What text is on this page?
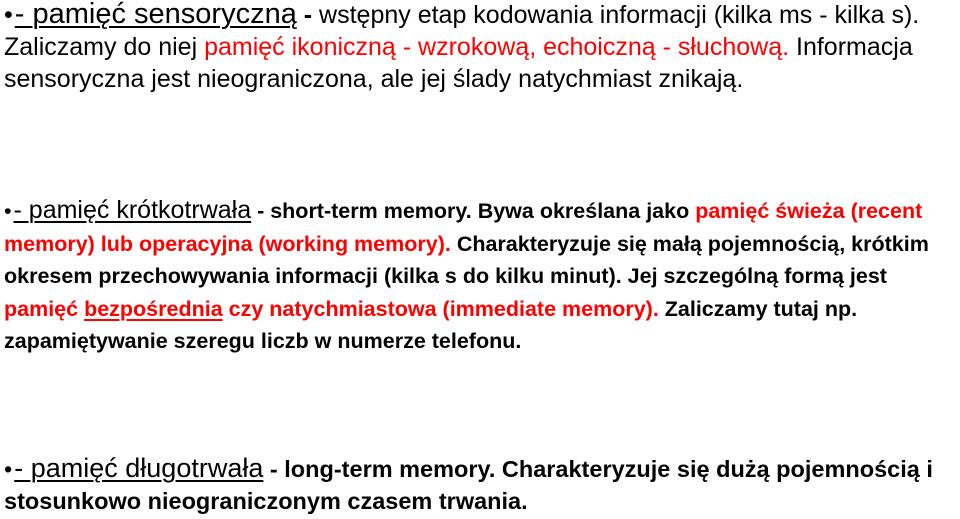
•- pamięć sensoryczną - wstępny etap kodowania informacji (kilka ms - kilka s). Zaliczamy do niej pamięć ikoniczną - wzrokową, echoiczną - słuchową. Informacja sensoryczna jest nieograniczona, ale jej ślady natychmiast znikają.

•- pamięć krótkotrwała - short-term memory. Bywa określana jako pamięć świeża (recent memory) lub operacyjna (working memory). Charakteryzuje się małą pojemnością, krótkim okresem przechowywania informacji (kilka s do kilku minut). Jej szczególną formą jest pamięć bezpośrednia czy natychmiastowa (immediate memory). Zaliczamy tutaj np. zapamiętywanie szeregu liczb w numerze telefonu.

•- pamięć długotrwała - long-term memory. Charakteryzuje się dużą pojemnością i stosunkowo nieograniczonym czasem trwania.
